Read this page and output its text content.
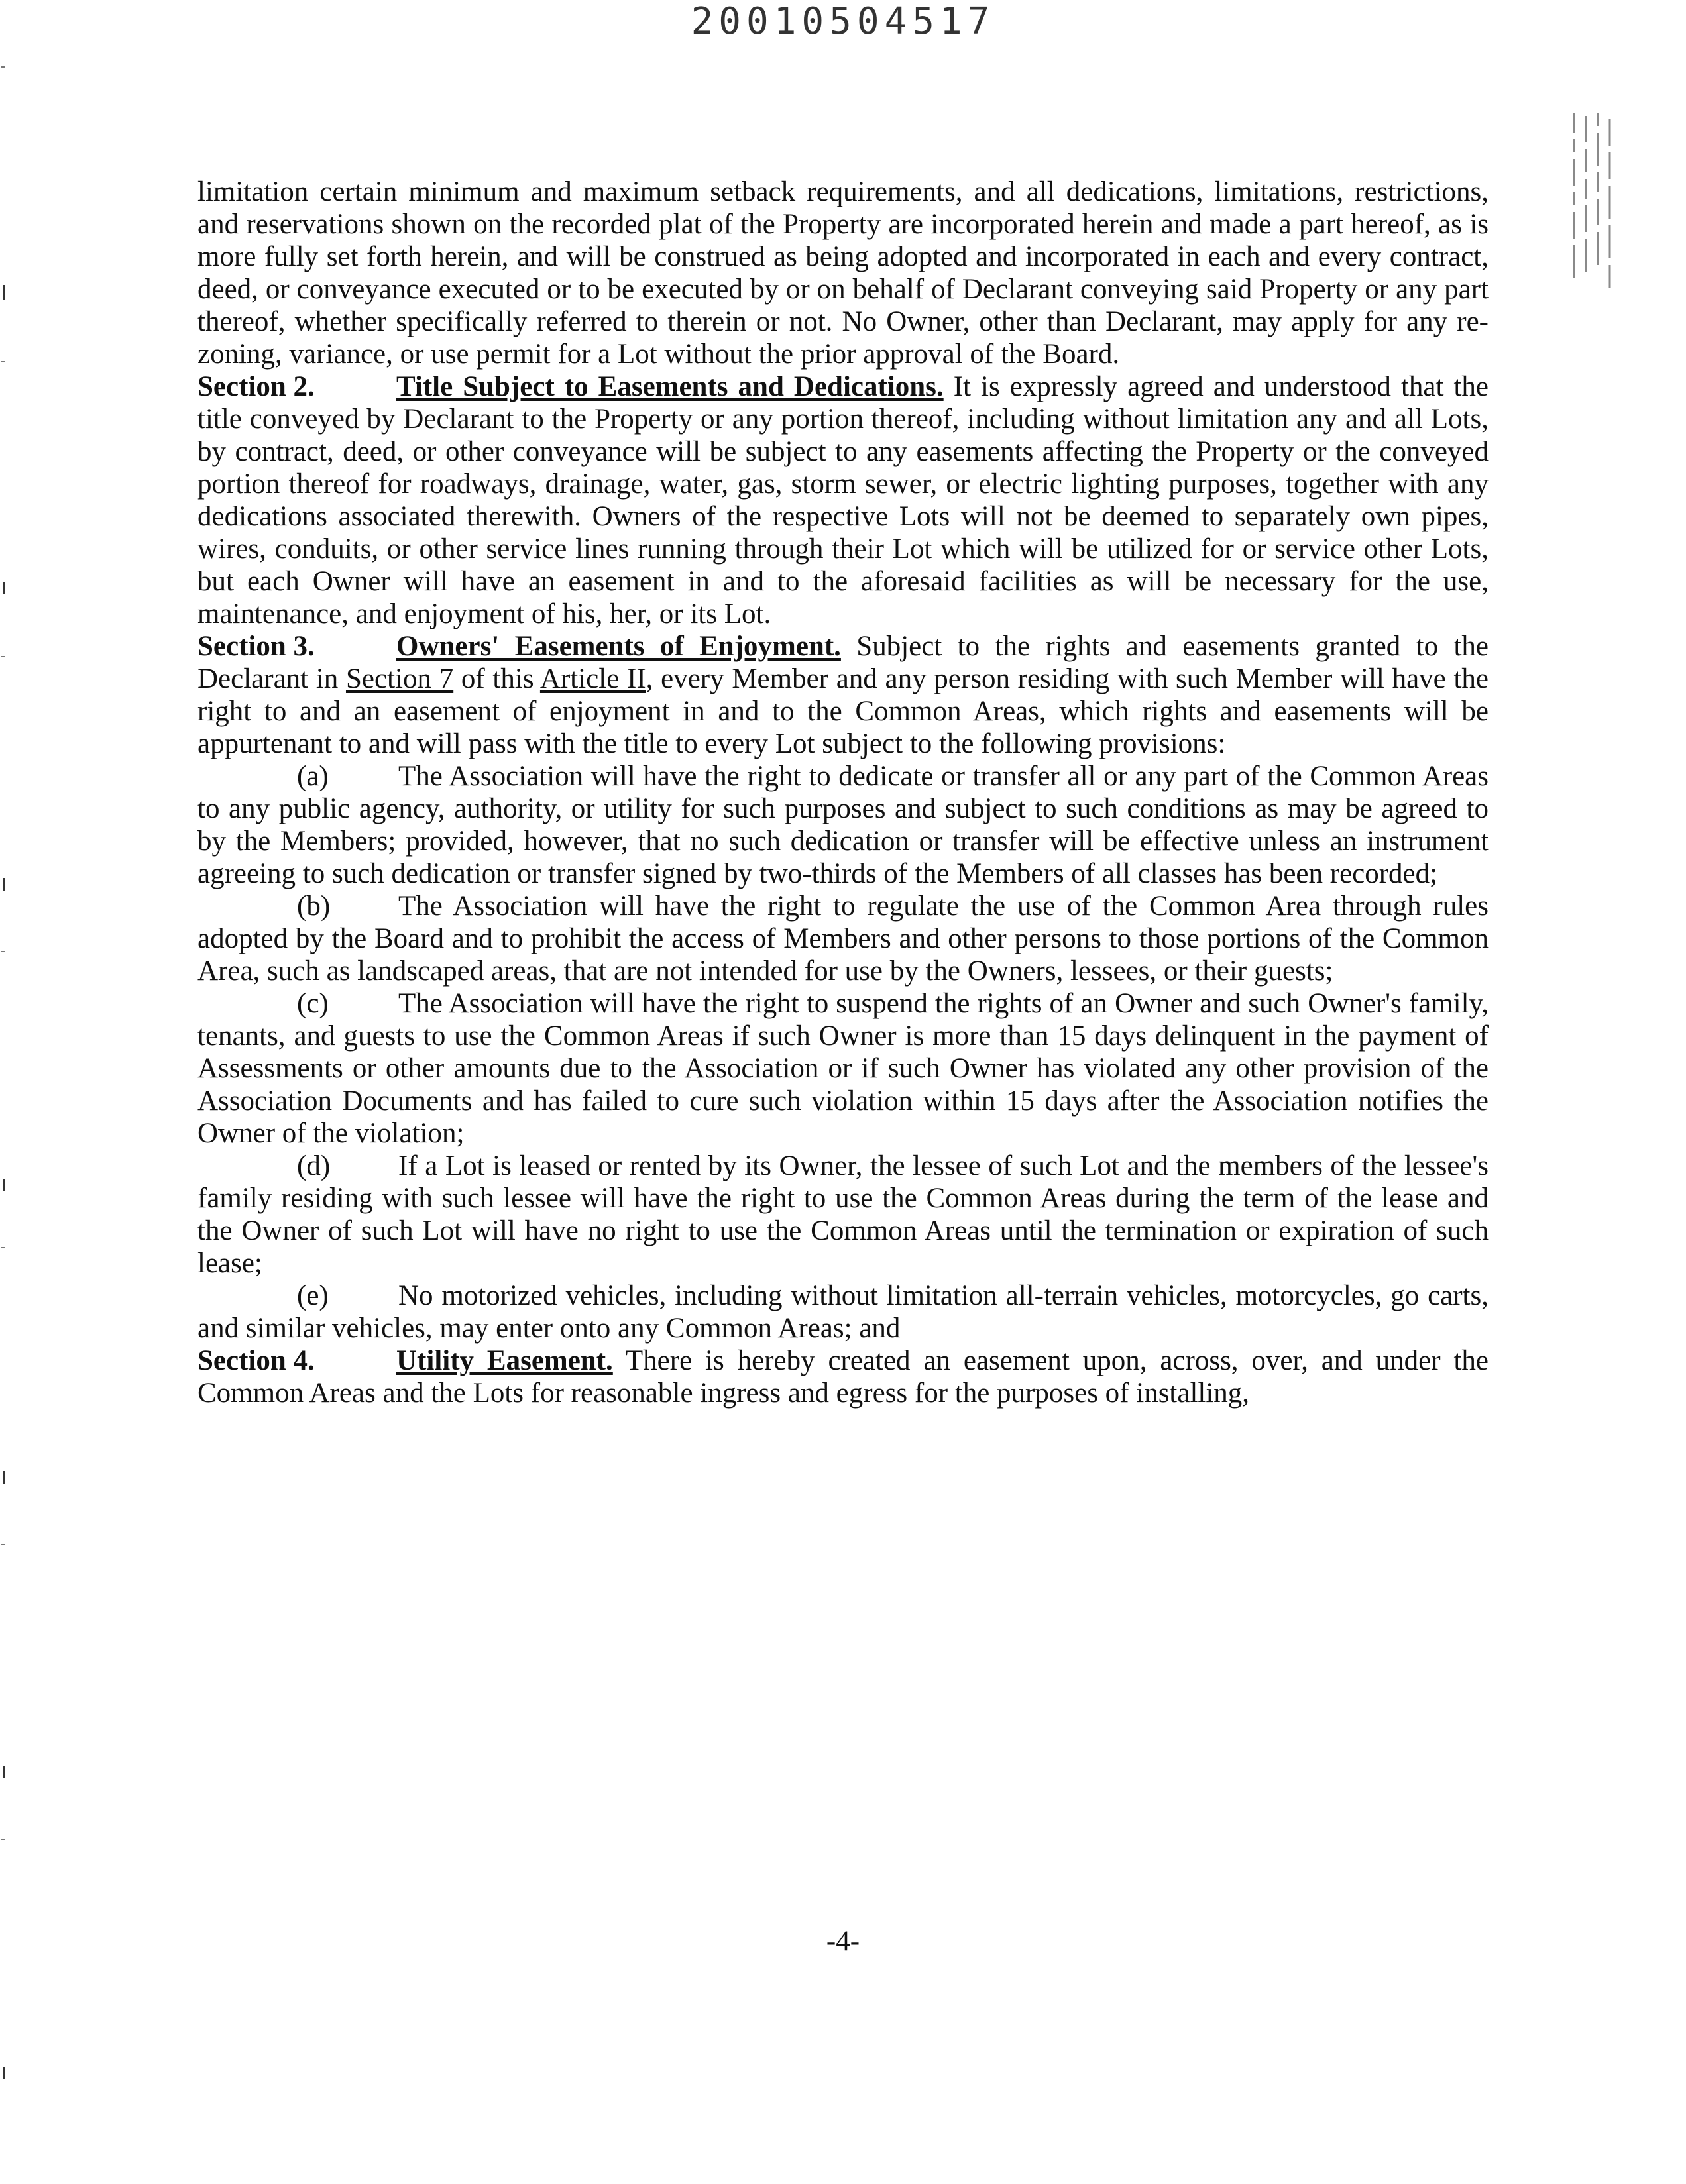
20010504517

limitation certain minimum and maximum setback requirements, and all dedications, limitations, restrictions, and reservations shown on the recorded plat of the Property are incorporated herein and made a part hereof, as is more fully set forth herein, and will be construed as being adopted and incorporated in each and every contract, deed, or conveyance executed or to be executed by or on behalf of Declarant conveying said Property or any part thereof, whether specifically referred to therein or not. No Owner, other than Declarant, may apply for any re-zoning, variance, or use permit for a Lot without the prior approval of the Board.

Section 2.	Title Subject to Easements and Dedications. It is expressly agreed and understood that the title conveyed by Declarant to the Property or any portion thereof, including without limitation any and all Lots, by contract, deed, or other conveyance will be subject to any easements affecting the Property or the conveyed portion thereof for roadways, drainage, water, gas, storm sewer, or electric lighting purposes, together with any dedications associated therewith. Owners of the respective Lots will not be deemed to separately own pipes, wires, conduits, or other service lines running through their Lot which will be utilized for or service other Lots, but each Owner will have an easement in and to the aforesaid facilities as will be necessary for the use, maintenance, and enjoyment of his, her, or its Lot.

Section 3.	Owners' Easements of Enjoyment. Subject to the rights and easements granted to the Declarant in Section 7 of this Article II, every Member and any person residing with such Member will have the right to and an easement of enjoyment in and to the Common Areas, which rights and easements will be appurtenant to and will pass with the title to every Lot subject to the following provisions:

(a) The Association will have the right to dedicate or transfer all or any part of the Common Areas to any public agency, authority, or utility for such purposes and subject to such conditions as may be agreed to by the Members; provided, however, that no such dedication or transfer will be effective unless an instrument agreeing to such dedication or transfer signed by two-thirds of the Members of all classes has been recorded;

(b) The Association will have the right to regulate the use of the Common Area through rules adopted by the Board and to prohibit the access of Members and other persons to those portions of the Common Area, such as landscaped areas, that are not intended for use by the Owners, lessees, or their guests;

(c) The Association will have the right to suspend the rights of an Owner and such Owner's family, tenants, and guests to use the Common Areas if such Owner is more than 15 days delinquent in the payment of Assessments or other amounts due to the Association or if such Owner has violated any other provision of the Association Documents and has failed to cure such violation within 15 days after the Association notifies the Owner of the violation;

(d) If a Lot is leased or rented by its Owner, the lessee of such Lot and the members of the lessee's family residing with such lessee will have the right to use the Common Areas during the term of the lease and the Owner of such Lot will have no right to use the Common Areas until the termination or expiration of such lease;

(e) No motorized vehicles, including without limitation all-terrain vehicles, motorcycles, go carts, and similar vehicles, may enter onto any Common Areas; and

Section 4.	Utility Easement. There is hereby created an easement upon, across, over, and under the Common Areas and the Lots for reasonable ingress and egress for the purposes of installing,

-4-
